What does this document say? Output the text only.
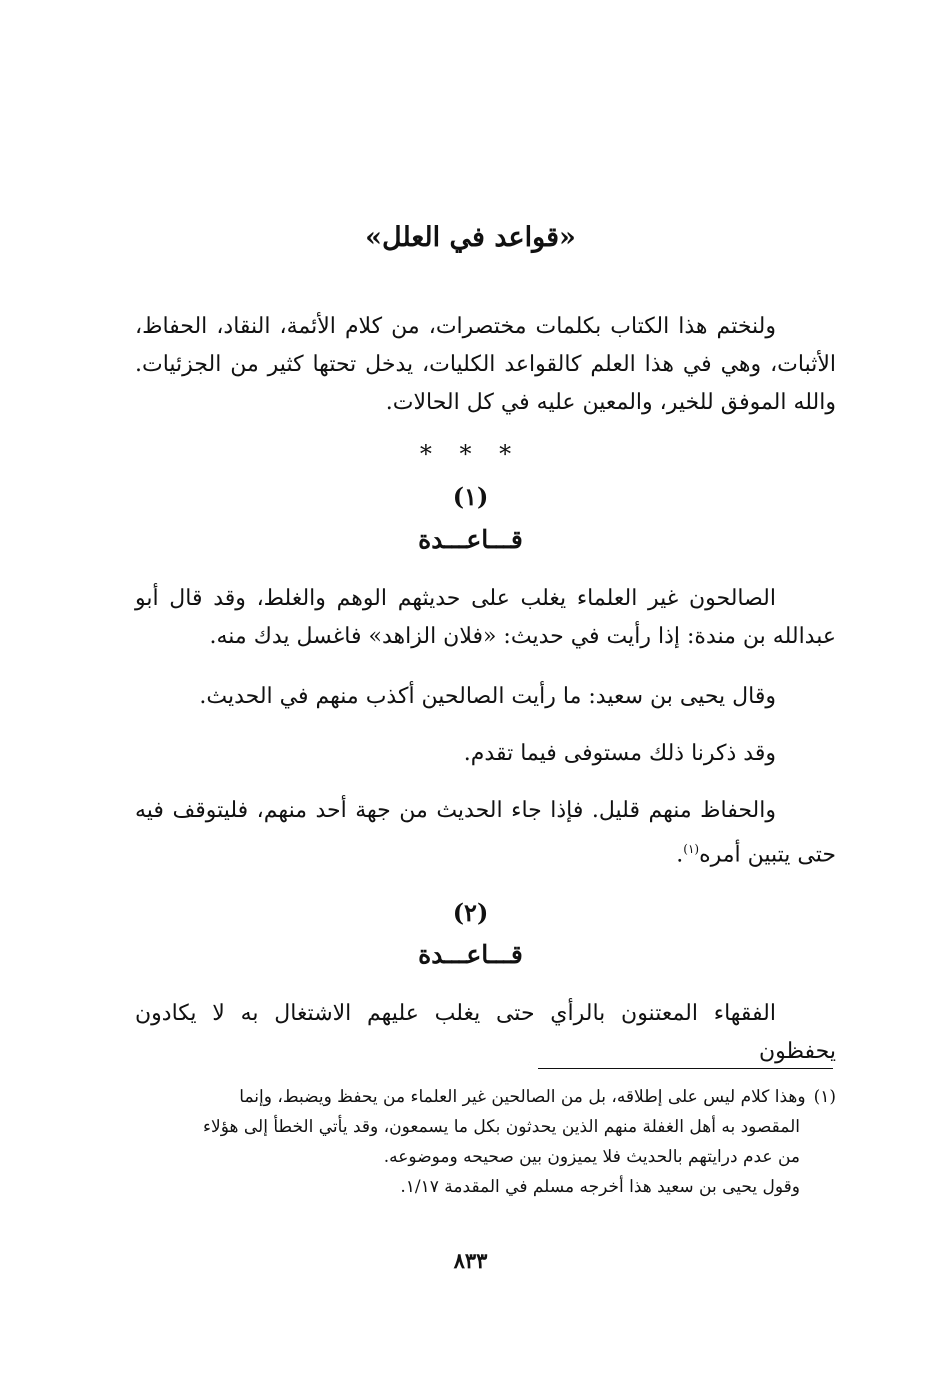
«قواعد في العلل»
ولنختم هذا الكتاب بكلمات مختصرات، من كلام الأئمة، النقاد، الحفاظ، الأثبات، وهي في هذا العلم كالقواعد الكليات، يدخل تحتها كثير من الجزئيات. والله الموفق للخير، والمعين عليه في كل الحالات.
* * *
(١)
قـــاعـــدة
الصالحون غير العلماء يغلب على حديثهم الوهم والغلط، وقد قال أبو عبدالله بن مندة: إذا رأيت في حديث: «فلان الزاهد» فاغسل يدك منه.
وقال يحيى بن سعيد: ما رأيت الصالحين أكذب منهم في الحديث.
وقد ذكرنا ذلك مستوفى فيما تقدم.
والحفاظ منهم قليل. فإذا جاء الحديث من جهة أحد منهم، فليتوقف فيه حتى يتبين أمره$^{(١)}$.
(٢)
قـــاعـــدة
الفقهاء المعتنون بالرأي حتى يغلب عليهم الاشتغال به لا يكادون يحفظون
(١)وهذا كلام ليس على إطلاقه، بل من الصالحين غير العلماء من يحفظ ويضبط، وإنما
المقصود به أهل الغفلة منهم الذين يحدثون بكل ما يسمعون، وقد يأتي الخطأ إلى هؤلاء
من عدم درايتهم بالحديث فلا يميزون بين صحيحه وموضوعه.
وقول يحيى بن سعيد هذا أخرجه مسلم في المقدمة ١/١٧.
٨٣٣
